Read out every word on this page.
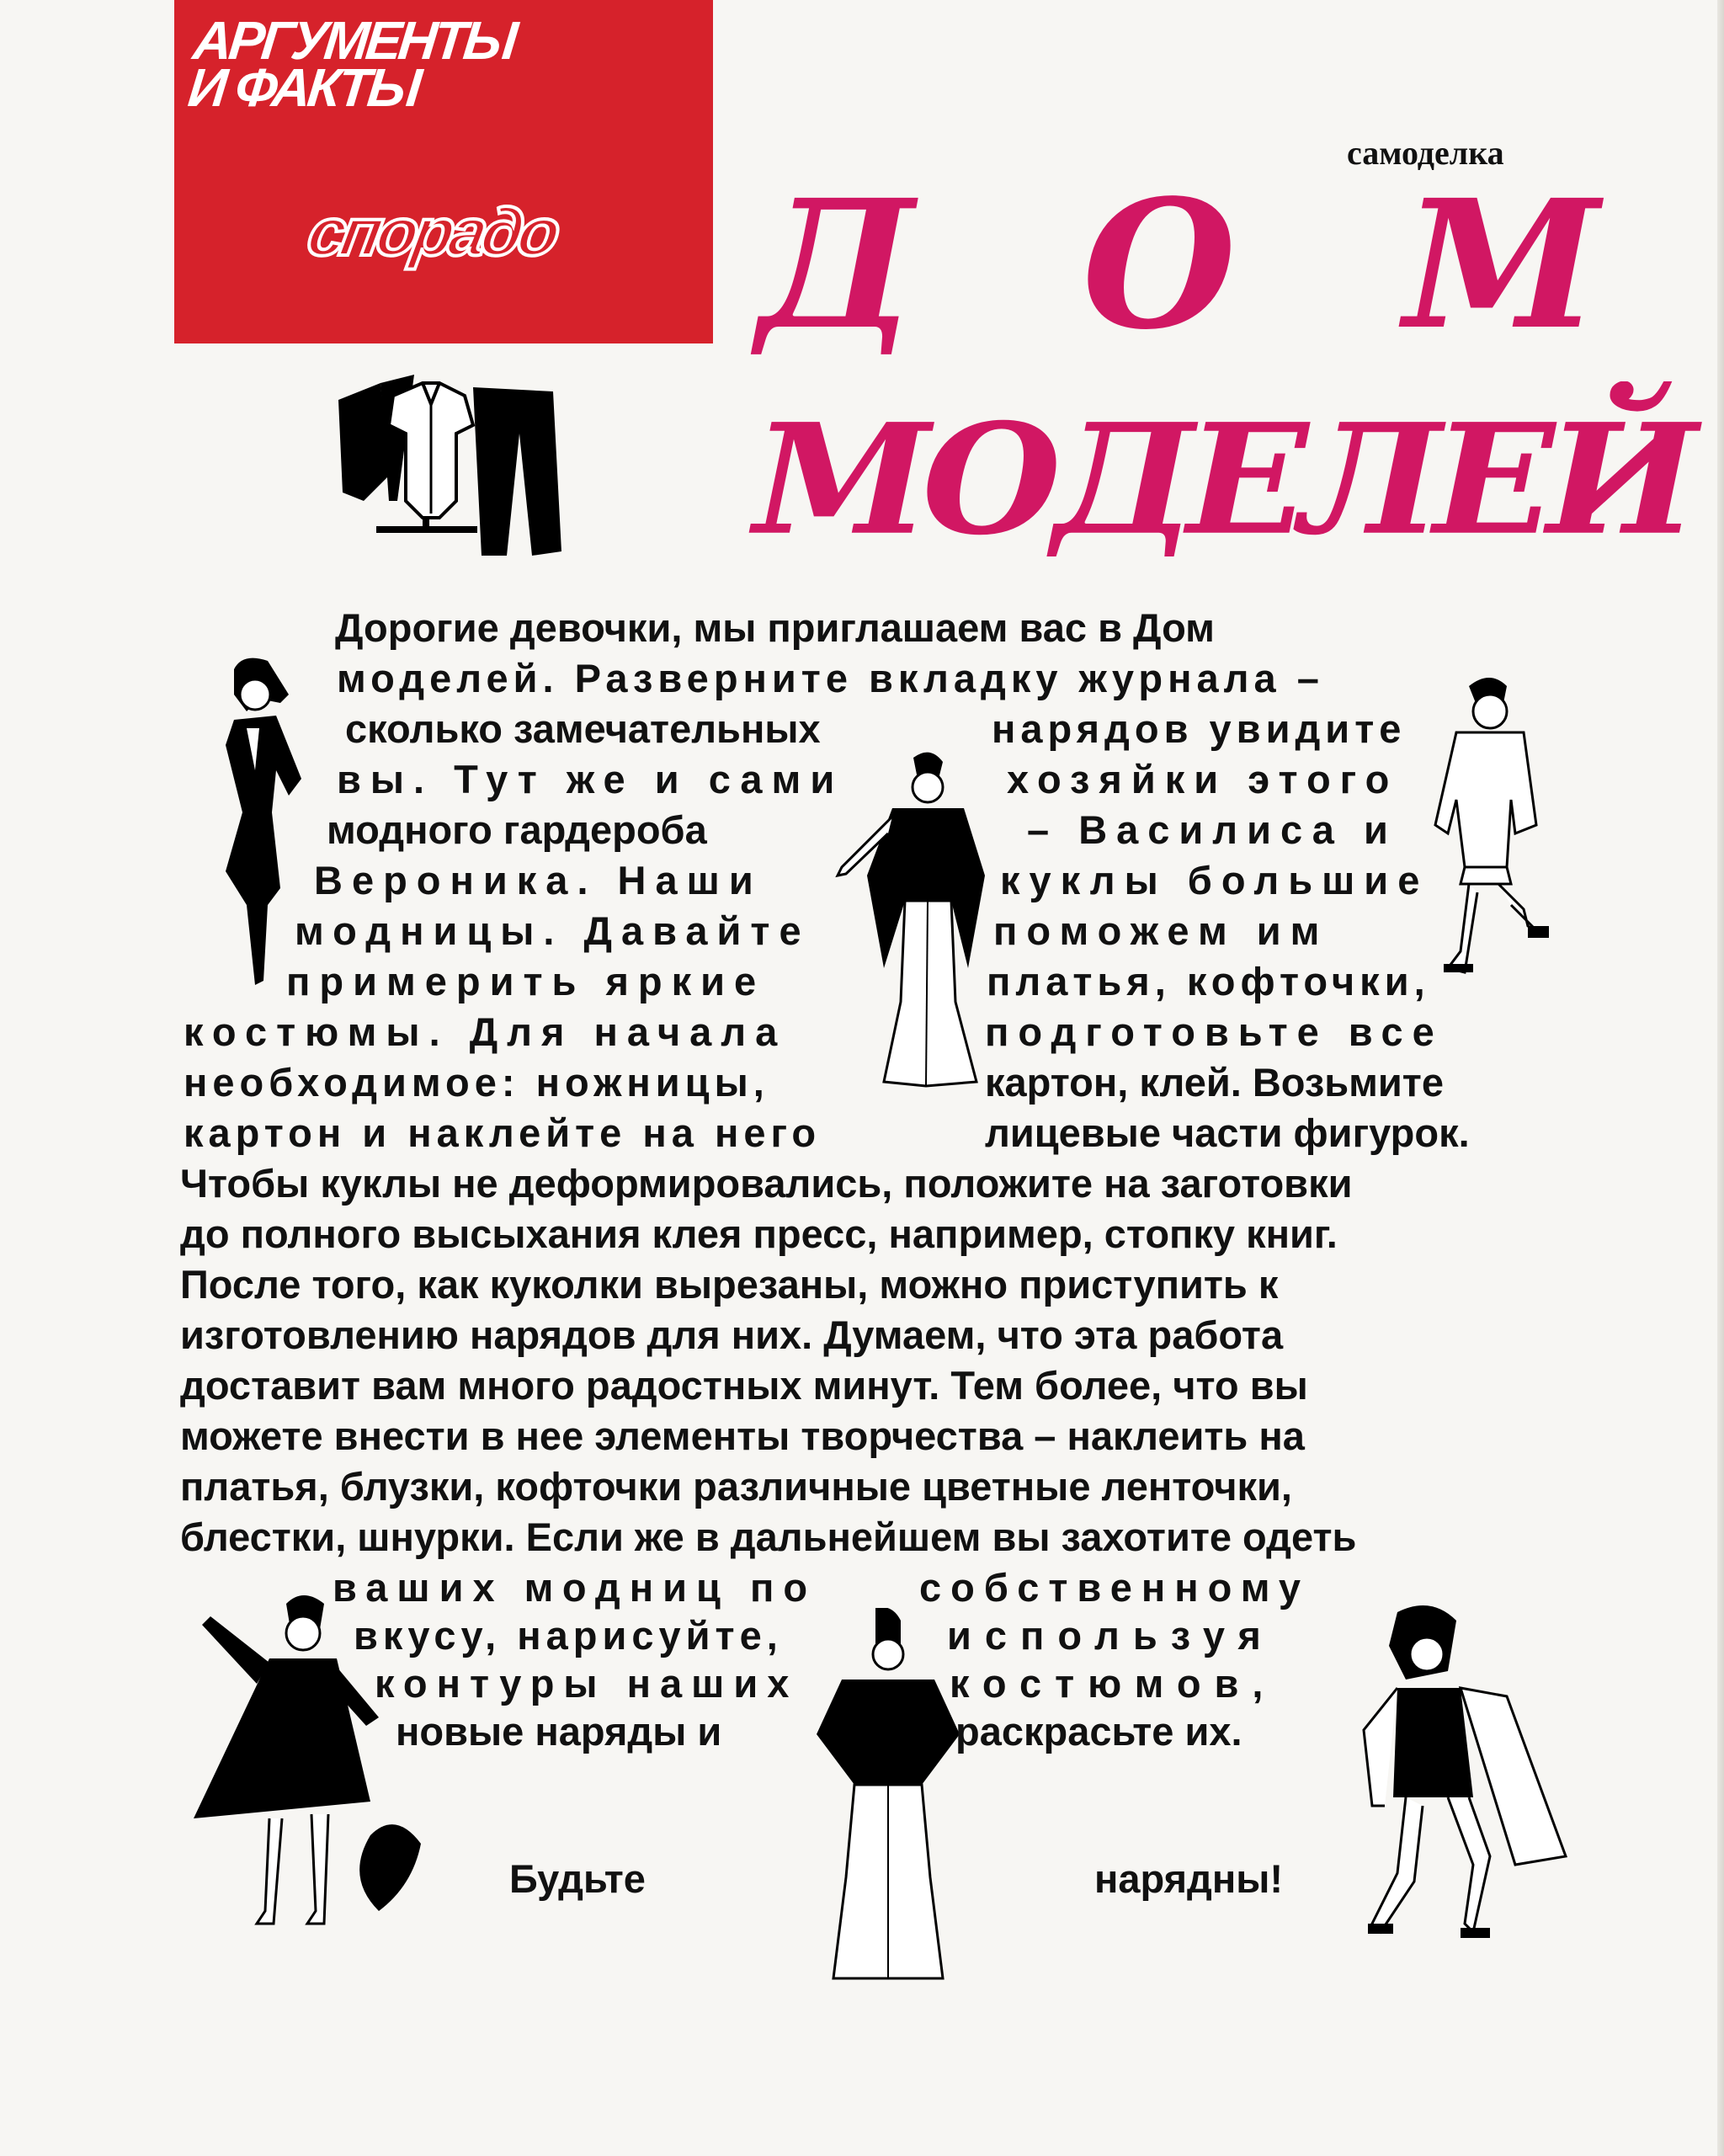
АРГУМЕНТЫ
И ФАКТЫ
спорадо
самоделка
Д О М
МОДЕЛЕЙ
Дорогие девочки, мы приглашаем вас в Дом
моделей. Разверните вкладку журнала –
сколько замечательных	нарядов увидите
вы. Тут же и сами	хозяйки этого
модного гардероба	– Василиса и
Вероника. Наши	куклы большие
модницы. Давайте	поможем им
примерить яркие	платья, кофточки,
костюмы. Для начала	подготовьте все
необходимое: ножницы,	картон, клей. Возьмите
картон и наклейте на него	лицевые части фигурок.
Чтобы куклы не деформировались, положите на заготовки
до полного высыхания клея пресс, например, стопку книг.
После того, как куколки вырезаны, можно приступить к
изготовлению нарядов для них. Думаем, что эта работа
доставит вам много радостных минут. Тем более, что вы
можете внести в нее элементы творчества – наклеить на
платья, блузки, кофточки различные цветные ленточки,
блестки, шнурки. Если же в дальнейшем вы захотите одеть
ваших модниц по	собственному
вкусу, нарисуйте,	используя
контуры наших	костюмов,
новые наряды и	раскрасьте их.
Будьте	нарядны!
